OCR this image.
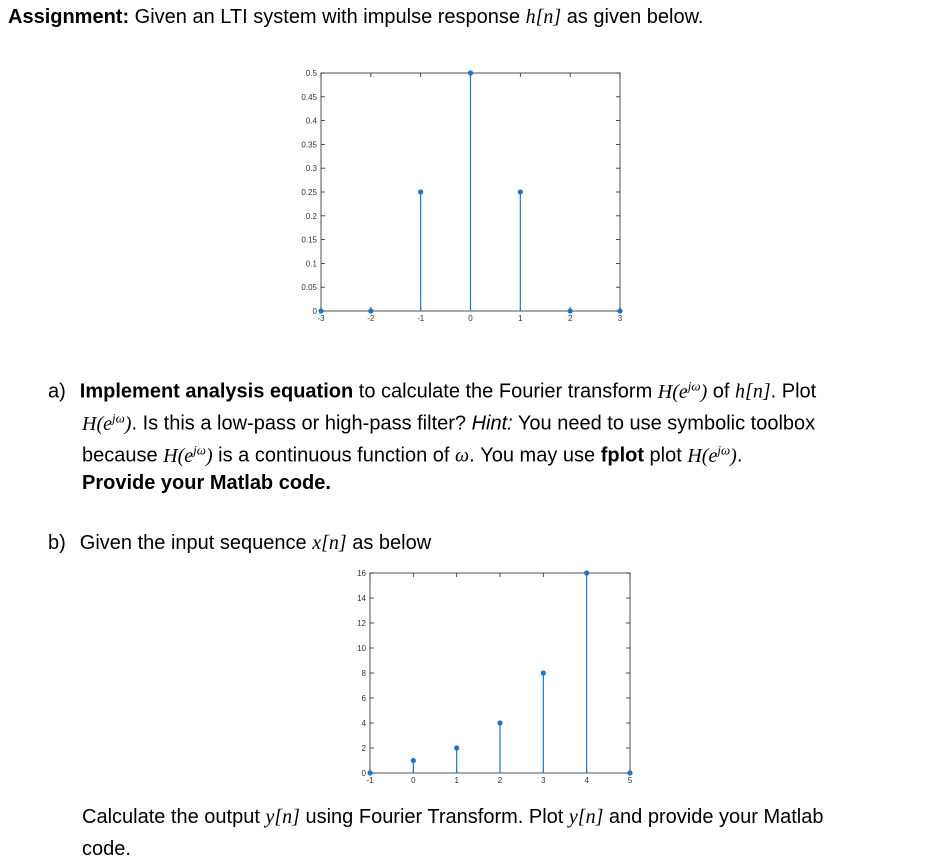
Assignment: Given an LTI system with impulse response h[n] as given below.
0
0.05
0.1
0.15
0.2
0.25
0.3
0.35
0.4
0.45
0.5
-3	-2	-1	0	1	2	3
a) Implement analysis equation to calculate the Fourier transform $H(e^{j\omega})$ of h[n]. Plot
$H(e^{j\omega})$. Is this a low-pass or high-pass filter? Hint: You need to use symbolic toolbox
because $H(e^{j\omega})$ is a continuous function of ω. You may use fplot plot $H(e^{j\omega})$.
Provide your Matlab code.
b) Given the input sequence x[n] as below
0
2
4
6
8
10
12
14
16
-1	0	1	2	3	4	5
Calculate the output y[n] using Fourier Transform. Plot y[n] and provide your Matlab
code.
